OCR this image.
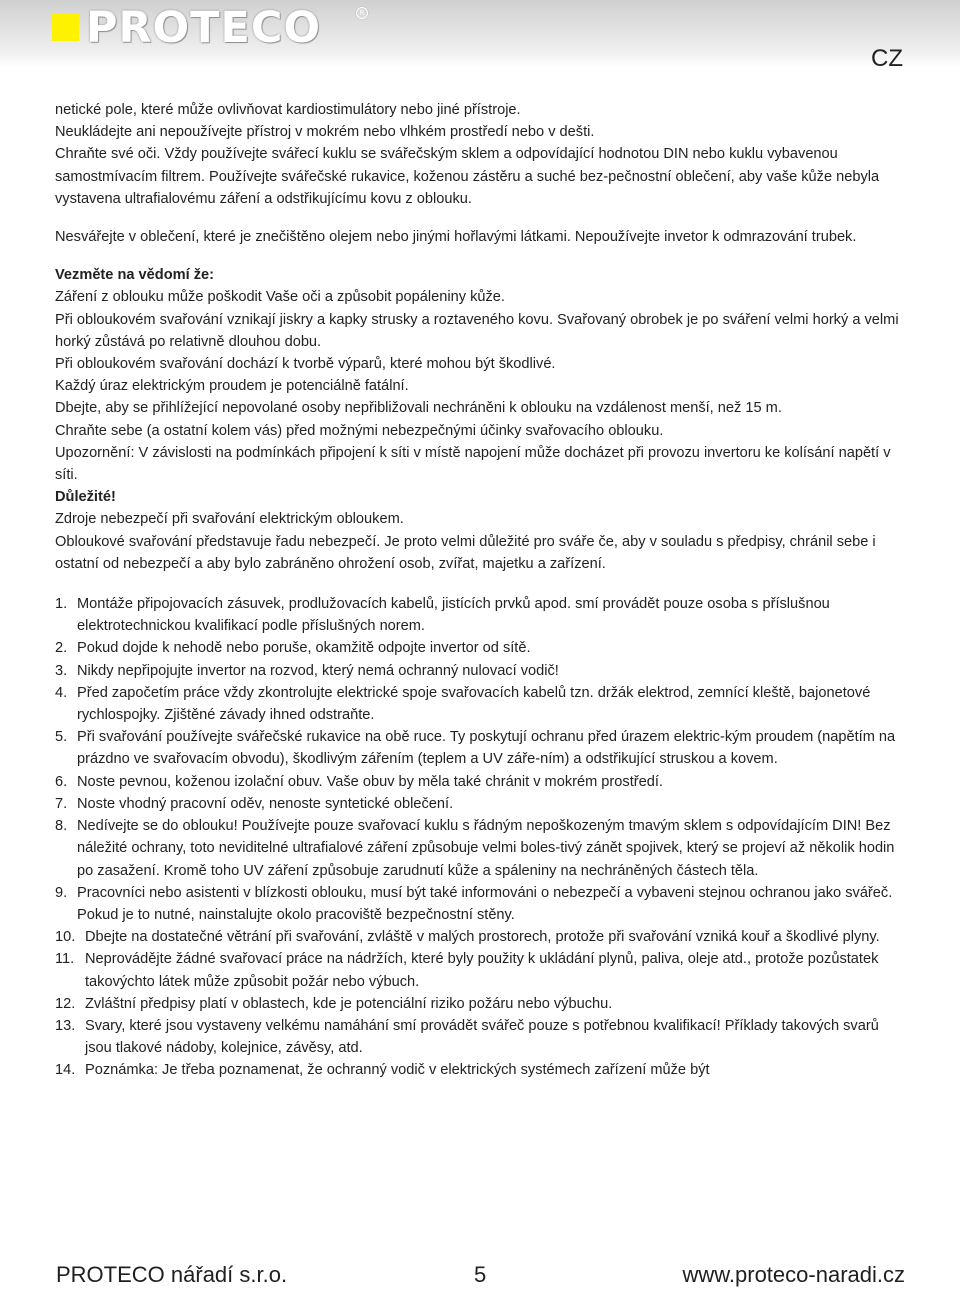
PROTECO	R
CZ

netické pole, které může ovlivňovat kardiostimulátory nebo jiné přístroje.

Neukládejte ani nepoužívejte přístroj v mokrém nebo vlhkém prostředí nebo v dešti.

Chraňte své oči. Vždy používejte svářecí kuklu se svářečským sklem a odpovídající hodnotou DIN nebo kuklu vybavenou samostmívacím filtrem. Používejte svářečské rukavice, koženou zástěru a suché bez-pečnostní oblečení, aby vaše kůže nebyla vystavena ultrafialovému záření a odstřikujícímu kovu z oblouku.

Nesvářejte v oblečení, které je znečištěno olejem nebo jinými hořlavými látkami. Nepoužívejte invetor k odmrazování trubek.

Vezměte na vědomí že:

Záření z oblouku může poškodit Vaše oči a způsobit popáleniny kůže.

Při obloukovém svařování vznikají jiskry a kapky strusky a roztaveného kovu. Svařovaný obrobek je po sváření velmi horký a velmi horký zůstává po relativně dlouhou dobu.

Při obloukovém svařování dochází k tvorbě výparů, které mohou být škodlivé.

Každý úraz elektrickým proudem je potenciálně fatální.

Dbejte, aby se přihlížející nepovolané osoby nepřibližovali nechráněni k oblouku na vzdálenost menší, než 15 m.

Chraňte sebe (a ostatní kolem vás) před možnými nebezpečnými účinky svařovacího oblouku.

Upozornění: V závislosti na podmínkách připojení k síti v místě napojení může docházet při provozu invertoru ke kolísání napětí v síti.

Důležité!

Zdroje nebezpečí při svařování elektrickým obloukem.

Obloukové svařování představuje řadu nebezpečí. Je proto velmi důležité pro sváře če, aby v souladu s předpisy, chránil sebe i ostatní od nebezpečí a aby bylo zabráněno ohrožení osob, zvířat, majetku a zařízení.

1. Montáže připojovacích zásuvek, prodlužovacích kabelů, jistících prvků apod. smí provádět pouze osoba s příslušnou elektrotechnickou kvalifikací podle příslušných norem.
2. Pokud dojde k nehodě nebo poruše, okamžitě odpojte invertor od sítě.
3. Nikdy nepřipojujte invertor na rozvod, který nemá ochranný nulovací vodič!
4. Před započetím práce vždy zkontrolujte elektrické spoje svařovacích kabelů tzn. držák elektrod, zemnící kleště, bajonetové rychlospojky. Zjištěné závady ihned odstraňte.
5. Při svařování používejte svářečské rukavice na obě ruce. Ty poskytují ochranu před úrazem elektric-kým proudem (napětím na prázdno ve svařovacím obvodu), škodlivým zářením (teplem a UV záře-ním) a odstřikující struskou a kovem.
6. Noste pevnou, koženou izolační obuv. Vaše obuv by měla také chránit v mokrém prostředí.
7. Noste vhodný pracovní oděv, nenoste syntetické oblečení.
8. Nedívejte se do oblouku! Používejte pouze svařovací kuklu s řádným nepoškozeným tmavým sklem s odpovídajícím DIN! Bez náležité ochrany, toto neviditelné ultrafialové záření způsobuje velmi boles-tivý zánět spojivek, který se projeví až několik hodin po zasažení. Kromě toho UV záření způsobuje zarudnutí kůže a spáleniny na nechráněných částech těla.
9. Pracovníci nebo asistenti v blízkosti oblouku, musí být také informováni o nebezpečí a vybaveni stejnou ochranou jako svářeč. Pokud je to nutné, nainstalujte okolo pracoviště bezpečnostní stěny.
10. Dbejte na dostatečné větrání při svařování, zvláště v malých prostorech, protože při svařování vzniká kouř a škodlivé plyny.
11. Neprovádějte žádné svařovací práce na nádržích, které byly použity k ukládání plynů, paliva, oleje atd., protože pozůstatek takovýchto látek může způsobit požár nebo výbuch.
12. Zvláštní předpisy platí v oblastech, kde je potenciální riziko požáru nebo výbuchu.
13. Svary, které jsou vystaveny velkému namáhání smí provádět svářeč pouze s potřebnou kvalifikací! Příklady takových svarů jsou tlakové nádoby, kolejnice, závěsy, atd.
14. Poznámka: Je třeba poznamenat, že ochranný vodič v elektrických systémech zařízení může být
PROTECO nářadí s.r.o.	5	www.proteco-naradi.cz
